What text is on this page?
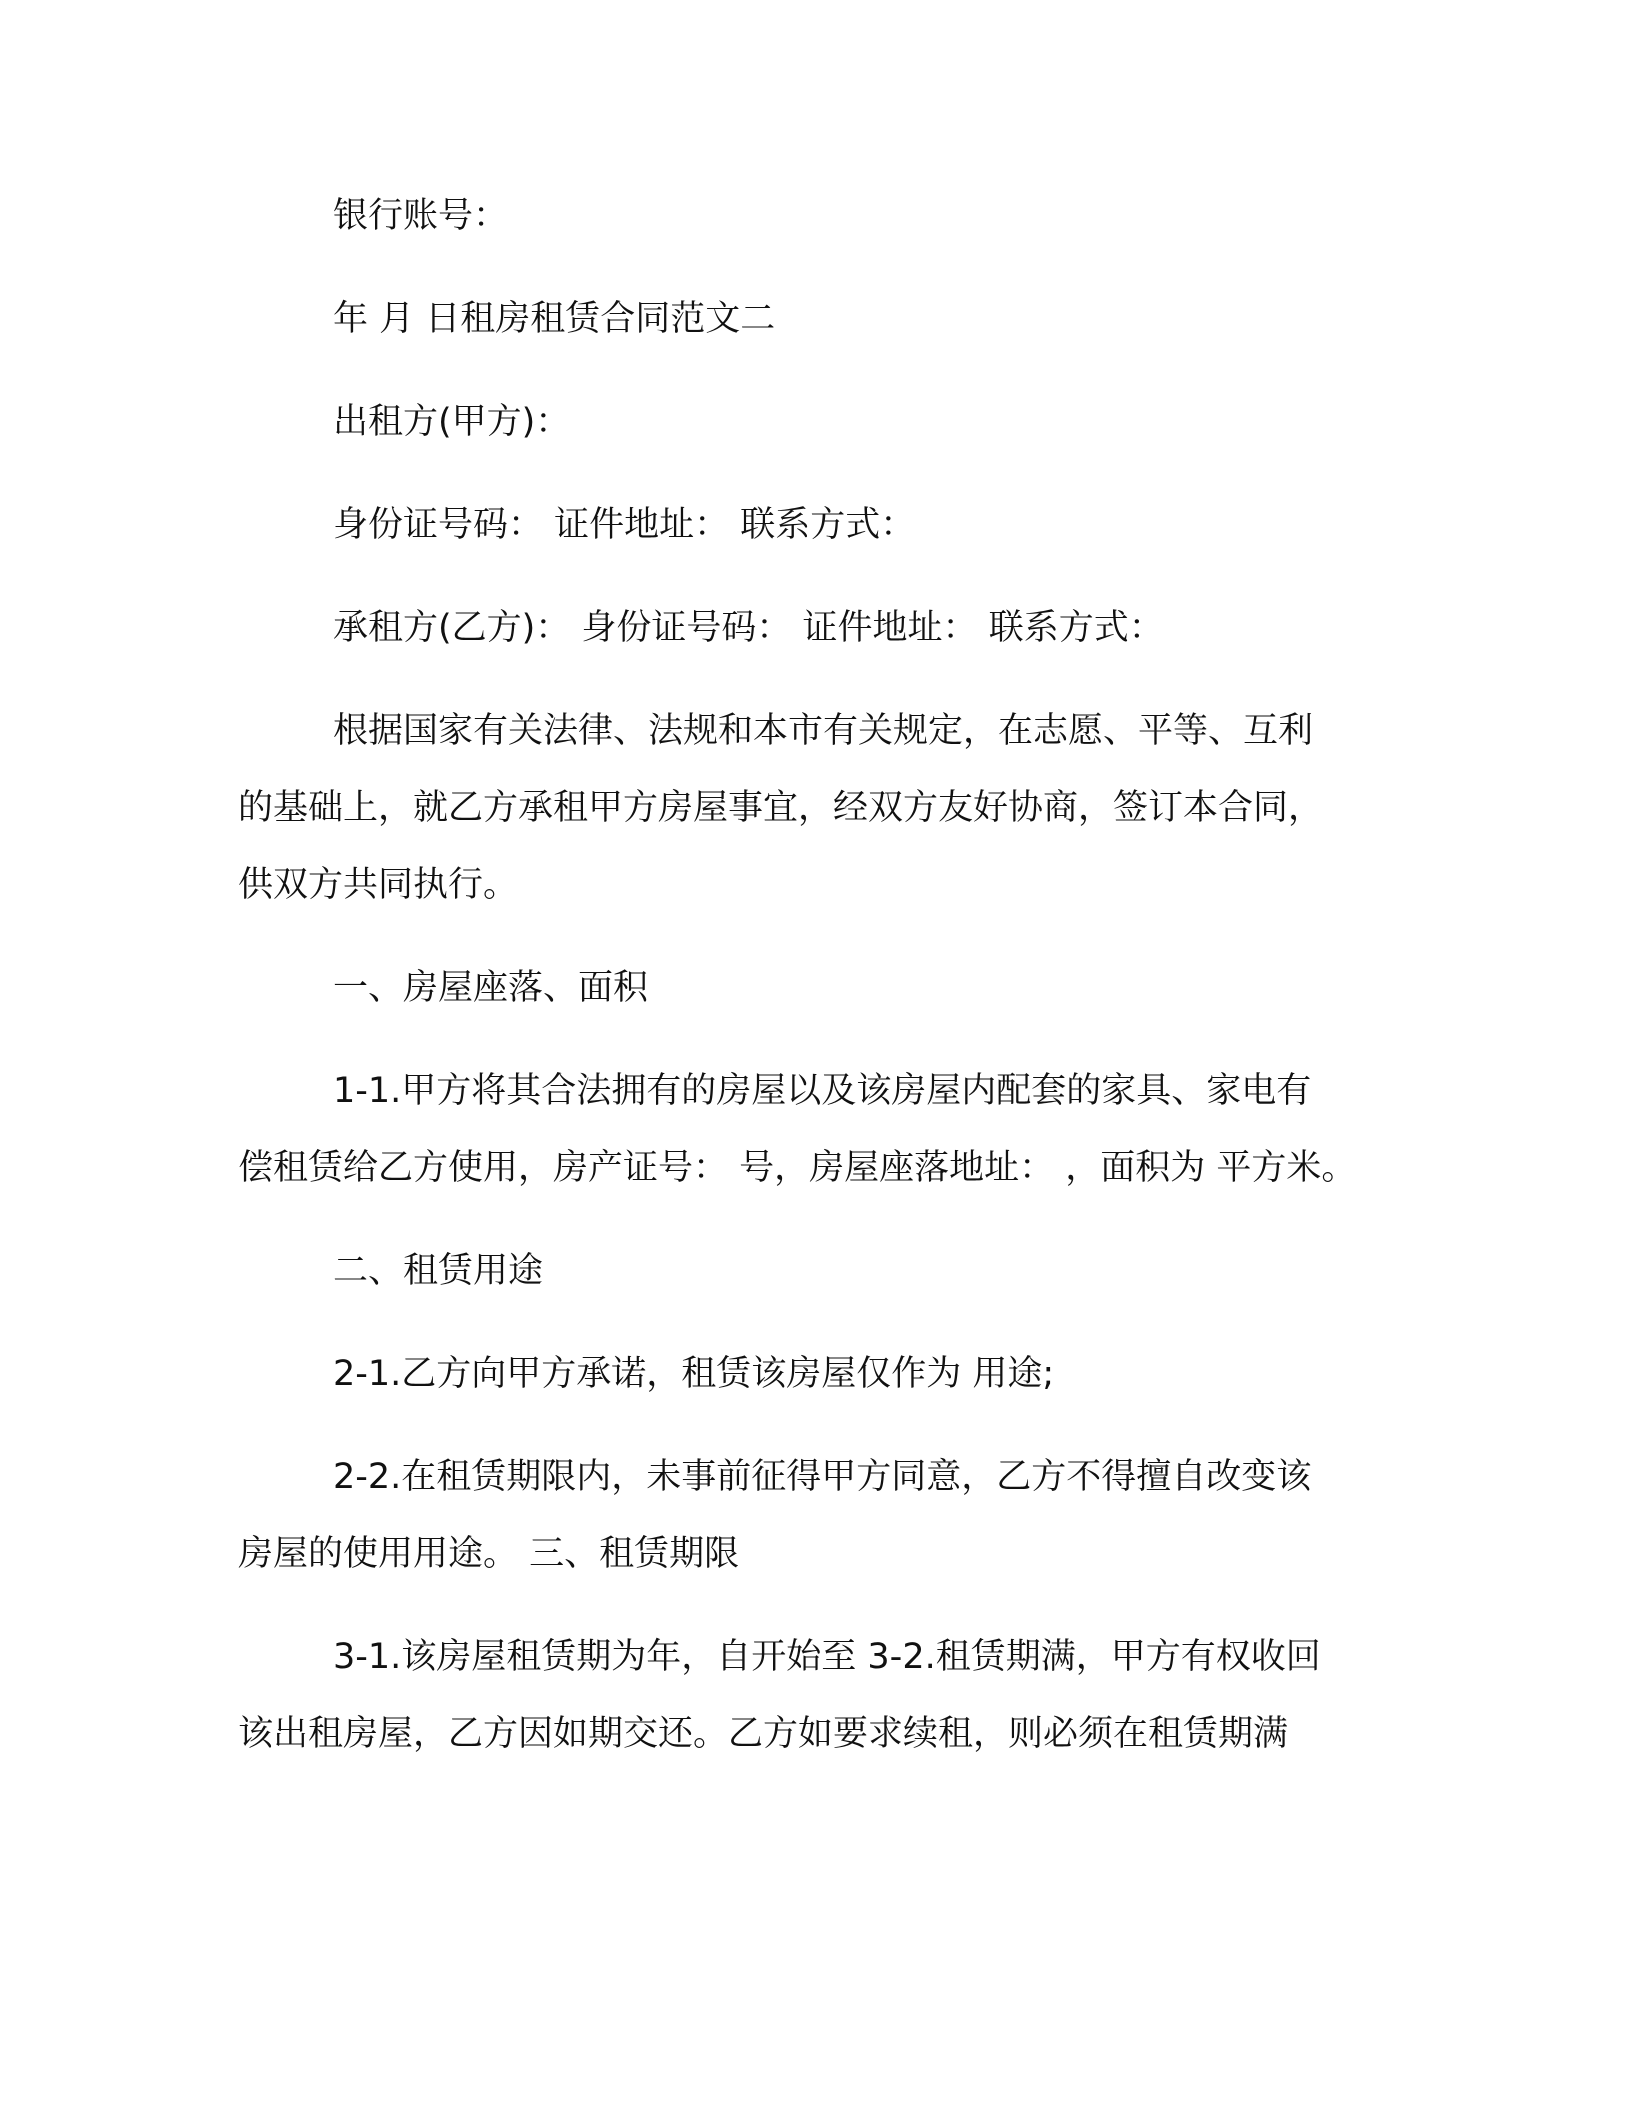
银行账号：

年 月 日租房租赁合同范文二

出租方(甲方)：

身份证号码： 证件地址： 联系方式：

承租方(乙方)： 身份证号码： 证件地址： 联系方式：

根据国家有关法律、法规和本市有关规定，在志愿、平等、互利
的基础上，就乙方承租甲方房屋事宜，经双方友好协商，签订本合同，
供双方共同执行。

一、房屋座落、面积

1-1.甲方将其合法拥有的房屋以及该房屋内配套的家具、家电有
偿租赁给乙方使用，房产证号： 号，房屋座落地址： ，面积为 平方米。

二、租赁用途

2-1.乙方向甲方承诺，租赁该房屋仅作为 用途;

2-2.在租赁期限内，未事前征得甲方同意，乙方不得擅自改变该
房屋的使用用途。 三、租赁期限

3-1.该房屋租赁期为年，自开始至 3-2.租赁期满，甲方有权收回
该出租房屋，乙方因如期交还。乙方如要求续租，则必须在租赁期满
